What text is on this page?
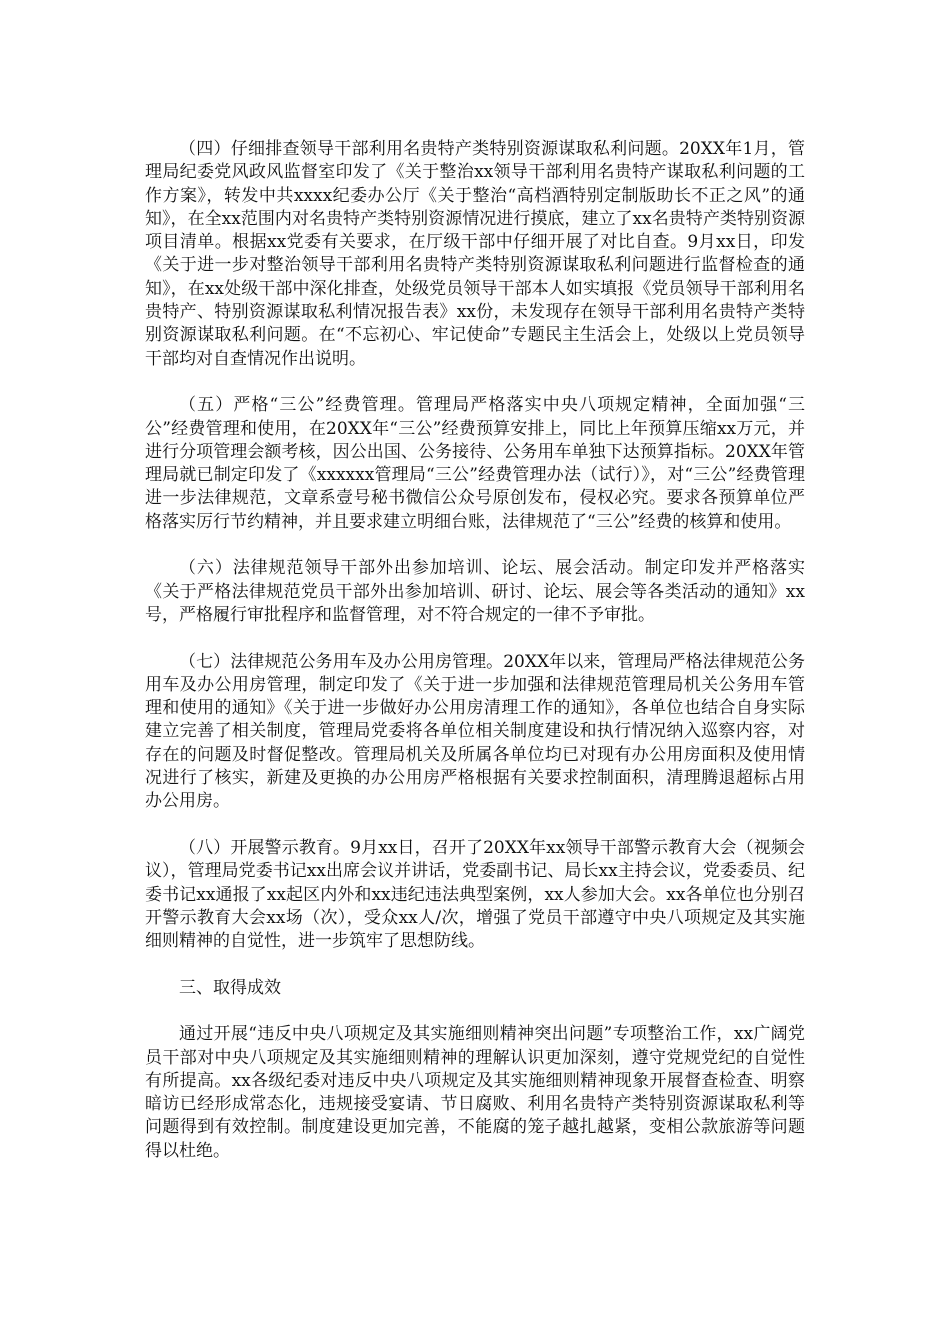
（四）仔细排查领导干部利用名贵特产类特别资源谋取私利问题。20XX年1月，管理局纪委党风政风监督室印发了《关于整治xx领导干部利用名贵特产谋取私利问题的工作方案》，转发中共xxxx纪委办公厅《关于整治“高档酒特别定制版助长不正之风”的通知》，在全xx范围内对名贵特产类特别资源情况进行摸底，建立了xx名贵特产类特别资源项目清单。根据xx党委有关要求，在厅级干部中仔细开展了对比自查。9月xx日，印发《关于进一步对整治领导干部利用名贵特产类特别资源谋取私利问题进行监督检查的通知》，在xx处级干部中深化排查，处级党员领导干部本人如实填报《党员领导干部利用名贵特产、特别资源谋取私利情况报告表》xx份，未发现存在领导干部利用名贵特产类特别资源谋取私利问题。在“不忘初心、牢记使命”专题民主生活会上，处级以上党员领导干部均对自查情况作出说明。

（五）严格“三公”经费管理。管理局严格落实中央八项规定精神，全面加强“三公”经费管理和使用，在20XX年“三公”经费预算安排上，同比上年预算压缩xx万元，并进行分项管理会额考核，因公出国、公务接待、公务用车单独下达预算指标。20XX年管理局就已制定印发了《xxxxxx管理局“三公”经费管理办法（试行）》，对“三公”经费管理进一步法律规范，文章系壹号秘书微信公众号原创发布，侵权必究。要求各预算单位严格落实厉行节约精神，并且要求建立明细台账，法律规范了“三公”经费的核算和使用。

（六）法律规范领导干部外出参加培训、论坛、展会活动。制定印发并严格落实《关于严格法律规范党员干部外出参加培训、研讨、论坛、展会等各类活动的通知》xx号，严格履行审批程序和监督管理，对不符合规定的一律不予审批。

（七）法律规范公务用车及办公用房管理。20XX年以来，管理局严格法律规范公务用车及办公用房管理，制定印发了《关于进一步加强和法律规范管理局机关公务用车管理和使用的通知》《关于进一步做好办公用房清理工作的通知》，各单位也结合自身实际建立完善了相关制度，管理局党委将各单位相关制度建设和执行情况纳入巡察内容，对存在的问题及时督促整改。管理局机关及所属各单位均已对现有办公用房面积及使用情况进行了核实，新建及更换的办公用房严格根据有关要求控制面积，清理腾退超标占用办公用房。

（八）开展警示教育。9月xx日，召开了20XX年xx领导干部警示教育大会（视频会议），管理局党委书记xx出席会议并讲话，党委副书记、局长xx主持会议，党委委员、纪委书记xx通报了xx起区内外和xx违纪违法典型案例，xx人参加大会。xx各单位也分别召开警示教育大会xx场（次），受众xx人/次，增强了党员干部遵守中央八项规定及其实施细则精神的自觉性，进一步筑牢了思想防线。

三、取得成效

通过开展“违反中央八项规定及其实施细则精神突出问题”专项整治工作，xx广阔党员干部对中央八项规定及其实施细则精神的理解认识更加深刻，遵守党规党纪的自觉性有所提高。xx各级纪委对违反中央八项规定及其实施细则精神现象开展督查检查、明察暗访已经形成常态化，违规接受宴请、节日腐败、利用名贵特产类特别资源谋取私利等问题得到有效控制。制度建设更加完善，不能腐的笼子越扎越紧，变相公款旅游等问题得以杜绝。
